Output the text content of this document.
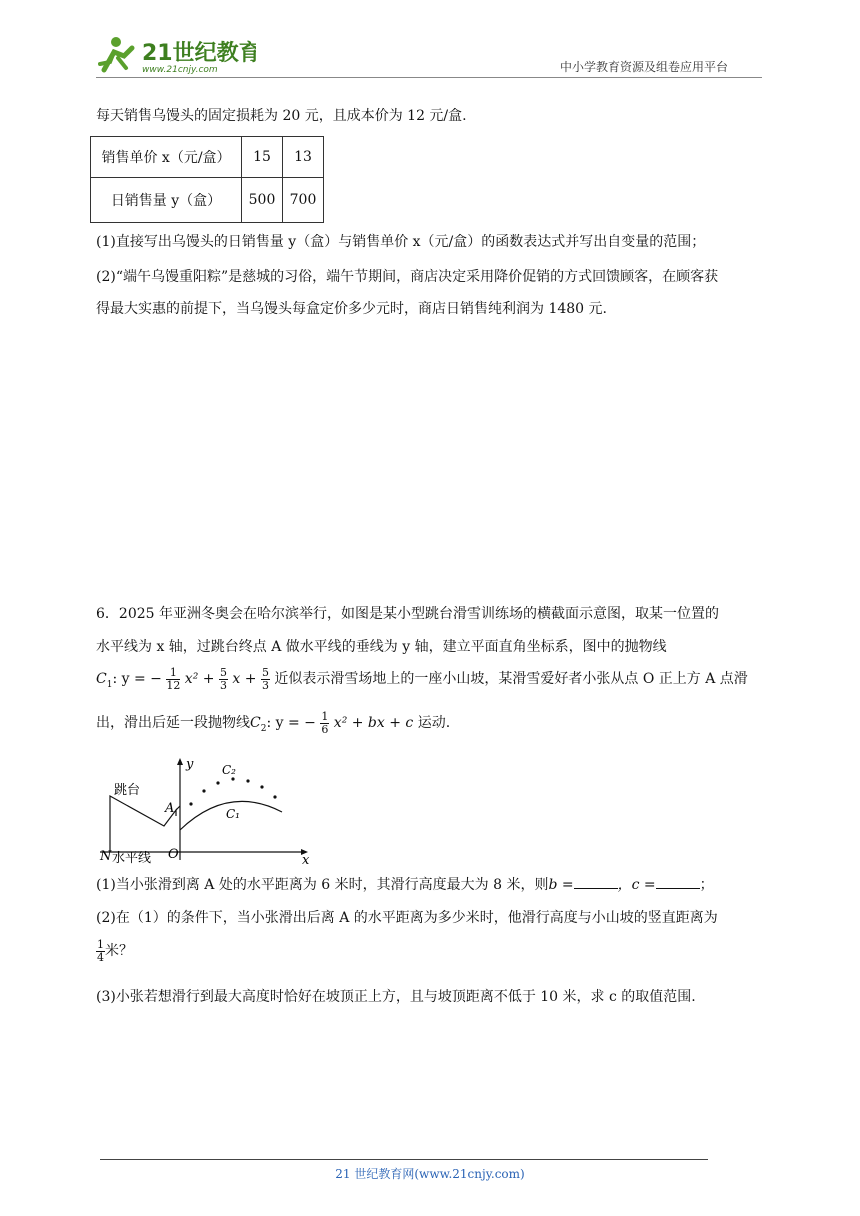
21世纪教育
www.21cnjy.com	中小学教育资源及组卷应用平台
每天销售乌馒头的固定损耗为 20 元，且成本价为 12 元/盒.
销售单价 x（元/盒）	15	13
日销售量 y（盒）	500	700
(1)直接写出乌馒头的日销售量 y（盒）与销售单价 x（元/盒）的函数表达式并写出自变量的范围；
(2)“端午乌馒重阳粽”是慈城的习俗，端午节期间，商店决定采用降价促销的方式回馈顾客，在顾客获
得最大实惠的前提下，当乌馒头每盒定价多少元时，商店日销售纯利润为 1480 元.
6．2025 年亚洲冬奥会在哈尔滨举行，如图是某小型跳台滑雪训练场的横截面示意图，取某一位置的
水平线为 x 轴，过跳台终点 A 做水平线的垂线为 y 轴，建立平面直角坐标系，图中的抛物线
$C_1$: y = − $\frac{1}{12} x^2 + \frac{5}{3}$ $x + \frac{5}{3}$ 近似表示滑雪场地上的一座小山坡，某滑雪爱好者小张从点 O 正上方 A 点滑
出，滑出后延一段抛物线$C_2$: y = − $\frac{1}{6} x^2$ + bx + c 运动.
跳台
A
N 水平线 O	x
y
C₁
C₂
(1)当小张滑到离 A 处的水平距离为 6 米时，其滑行高度最大为 8 米，则b =	，c =	；
(2)在（1）的条件下，当小张滑出后离 A 的水平距离为多少米时，他滑行高度与小山坡的竖直距离为
$\frac{1}{4}$ 米？
(3)小张若想滑行到最大高度时恰好在坡顶正上方，且与坡顶距离不低于 10 米，求 c 的取值范围.
21 世纪教育网(www.21cnjy.com)
